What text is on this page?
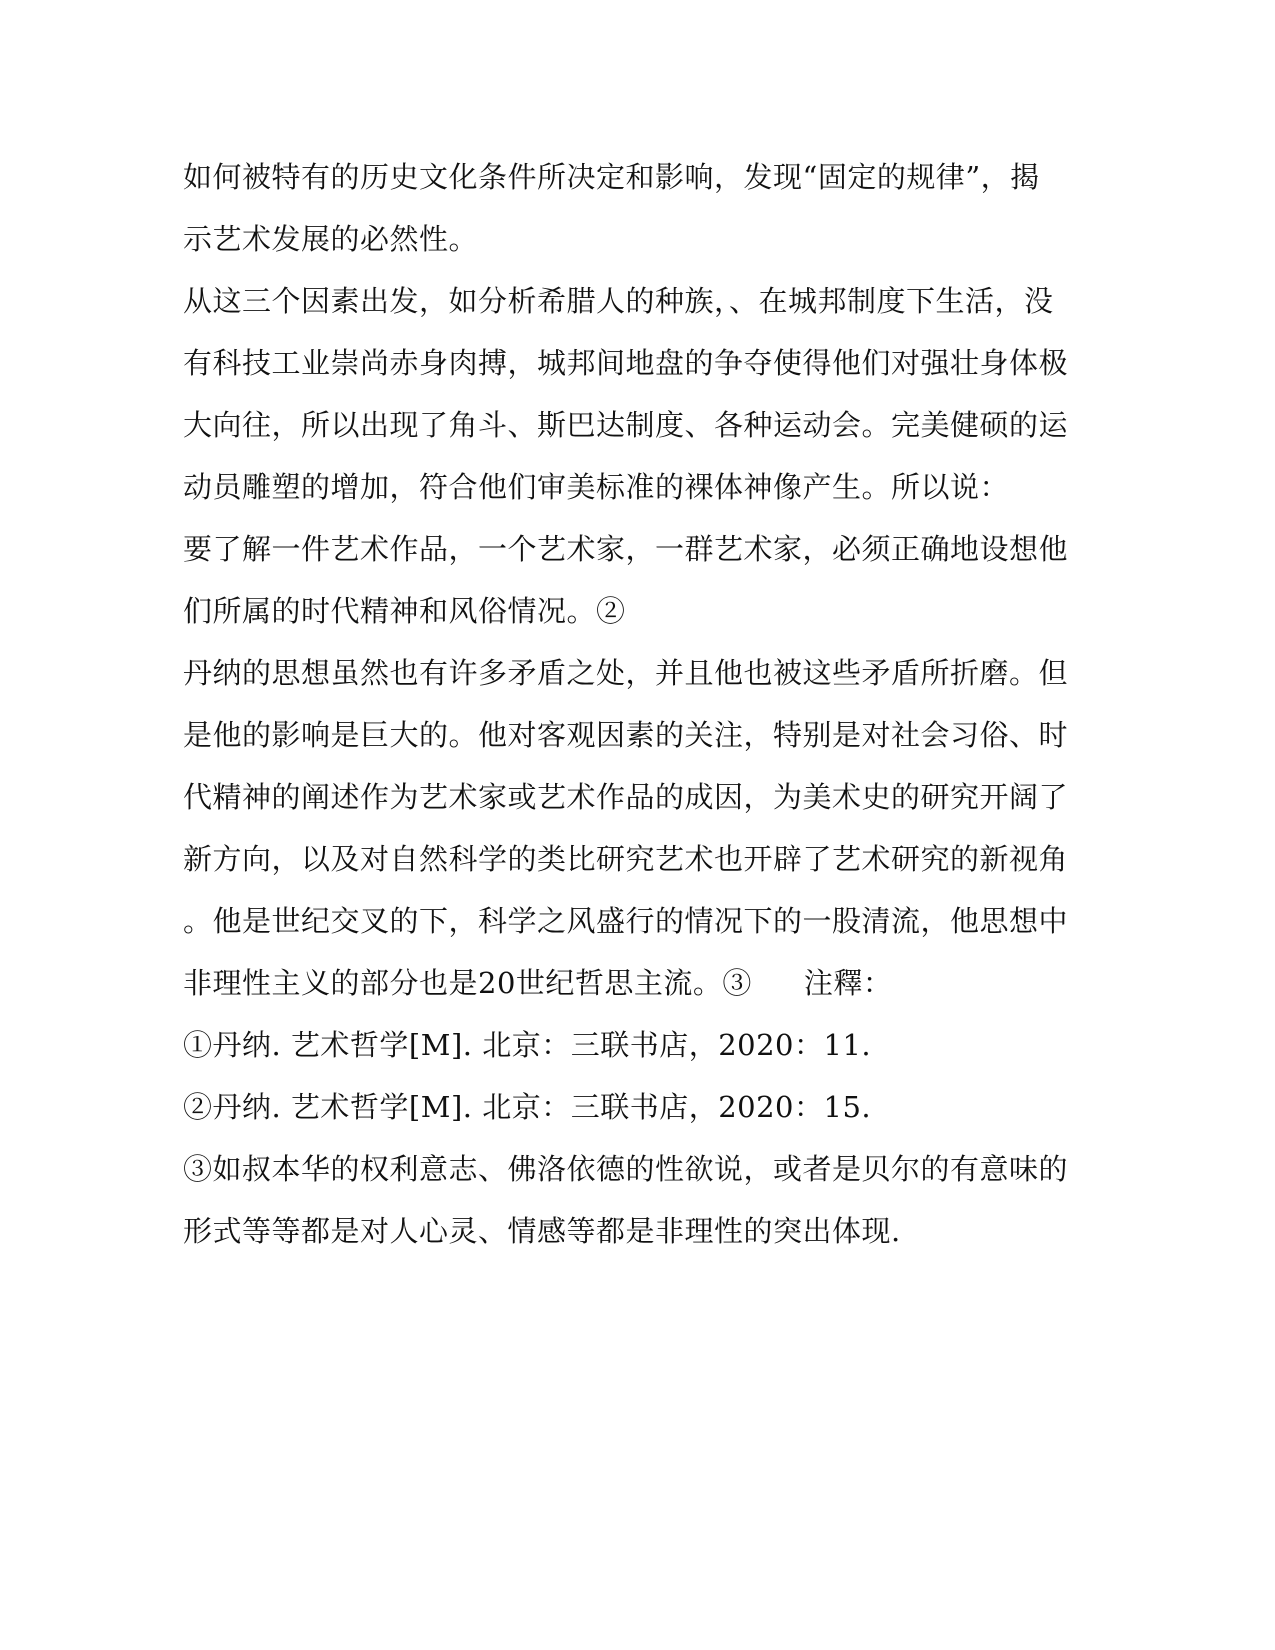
如何被特有的历史文化条件所决定和影响，发现“固定的规律”，揭

示艺术发展的必然性。

从这三个因素出发，如分析希腊人的种族，、在城邦制度下生活，没

有科技工业崇尚赤身肉搏，城邦间地盘的争夺使得他们对强壮身体极

大向往，所以出现了角斗、斯巴达制度、各种运动会。完美健硕的运

动员雕塑的增加，符合他们审美标准的裸体神像产生。所以说：

要了解一件艺术作品，一个艺术家，一群艺术家，必须正确地设想他

们所属的时代精神和风俗情况。②

丹纳的思想虽然也有许多矛盾之处，并且他也被这些矛盾所折磨。但

是他的影响是巨大的。他对客观因素的关注，特别是对社会习俗、时

代精神的阐述作为艺术家或艺术作品的成因，为美术史的研究开阔了

新方向，以及对自然科学的类比研究艺术也开辟了艺术研究的新视角

。他是世纪交叉的下，科学之风盛行的情况下的一股清流，他思想中

非理性主义的部分也是20世纪哲思主流。③ 注釋：

①丹纳. 艺术哲学[M]. 北京：三联书店，2020：11.

②丹纳. 艺术哲学[M]. 北京：三联书店，2020：15.

③如叔本华的权利意志、佛洛依德的性欲说，或者是贝尔的有意味的

形式等等都是对人心灵、情感等都是非理性的突出体现.
